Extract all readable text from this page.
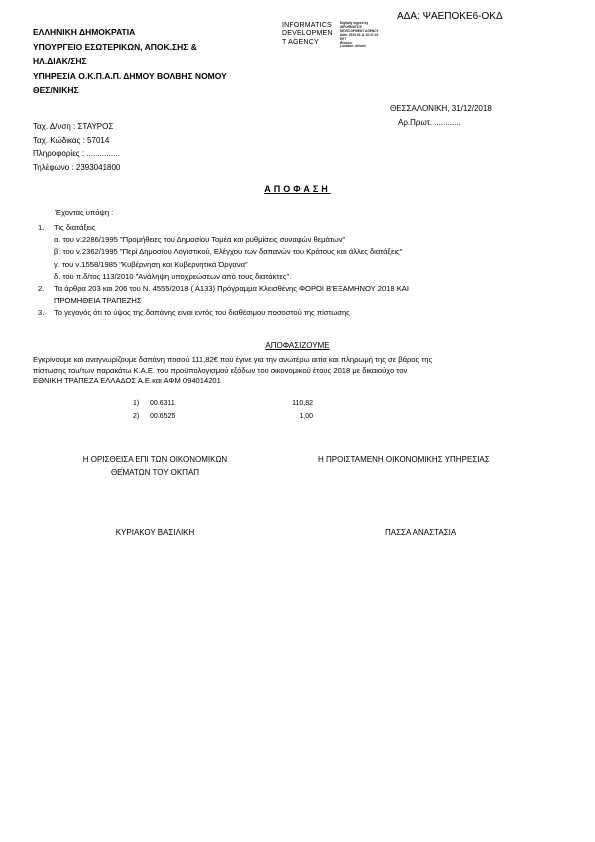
ΑΔΑ: ΨΑΕΠΟΚΕ6-ΟΚΔ
ΕΛΛΗΝΙΚΗ ΔΗΜΟΚΡΑΤΙΑ
ΥΠΟΥΡΓΕΙΟ ΕΣΩΤΕΡΙΚΩΝ, ΑΠΟΚ.ΣΗΣ &
ΗΛ.ΔΙΑΚ/ΣΗΣ
ΥΠΗΡΕΣΙΑ Ο.Κ.Π.Α.Π. ΔΗΜΟΥ ΒΟΛΒΗΣ ΝΟΜΟΥ
ΘΕΣ/ΝΙΚΗΣ
INFORMATICS
DEVELOPMEN
T AGENCY
Digitally signed by
INFORMATICS
DEVELOPMENT AGENCY
Date: 2019.01.11 10:37:22
EET
Reason:
Location: Athens
ΘΕΣΣΑΛΟΝΙΚΗ, 31/12/2018
Αρ.Πρωτ. ............
Ταχ. Δ/νση : ΣΤΑΥΡΟΣ
Ταχ. Κώδικας : 57014
Πληροφορίες : ...............
Τηλέφωνο : 2393041800
ΑΠΟΦΑΣΗ
Έχοντας υπόψη :
1. Τις διατάξεις
α. του ν.2286/1995 "Προμήθειες του Δημοσίου Τομέα και ρυθμίσεις συναφών θεμάτων"
β. του ν.2362/1995 "Περί Δημοσίου Λογιστικού, Ελέγχου των δαπανών του Κράτους και άλλες διατάξεις"
γ. του ν.1558/1985 "Κυβέρνηση και Κυβερνητικά Όργανα"
δ. του π.δ/τος 113/2010 "Ανάληψη υποχρεώσεων από τους διατάκτες".
2. Τα άρθρα 203 και 206 του Ν. 4555/2018 ( Α133) Πρόγραμμα Κλεισθένης ΦΟΡΟΙ Β'ΕΞΑΜΗΝΟΥ 2018 ΚΑΙ
ΠΡΟΜΗΘΕΙΑ ΤΡΑΠΕΖΗΣ
3. Το γεγονός ότι το ύψος της δαπάνης είναι εντός του διαθέσιμου ποσοστού της πίστωσης
ΑΠΟΦΑΣΙΖΟΥΜΕ
Εγκρίνουμε και αναγνωρίζουμε δαπάνη ποσού 111,82€ που έγινε για την ανωτέρω αιτία και πληρωμή της σε βάρος της
πίστωσης του/των παρακάτω Κ.Α.Ε. του προϋπολογισμού εξόδων του οικονομικού έτους 2018 με δικαιούχο τον
ΕΘΝΙΚΗ ΤΡΑΠΕΖΑ ΕΛΛΑΔΟΣ Α.Ε.και ΑΦΜ 094014201
1) 00.6311	110,82
2) 00.6525	1,00
Η ΟΡΙΣΘΕΙΣΑ ΕΠΙ ΤΩΝ ΟΙΚΟΝΟΜΙΚΩΝ
ΘΕΜΑΤΩΝ ΤΟΥ ΟΚΠΑΠ
Η ΠΡΟΙΣΤΑΜΕΝΗ ΟΙΚΟΝΟΜΙΚΗΣ ΥΠΗΡΕΣΙΑΣ
ΚΥΡΙΑΚΟΥ ΒΑΣΙΛΙΚΗ	ΠΑΣΣΑ ΑΝΑΣΤΑΣΙΑ
